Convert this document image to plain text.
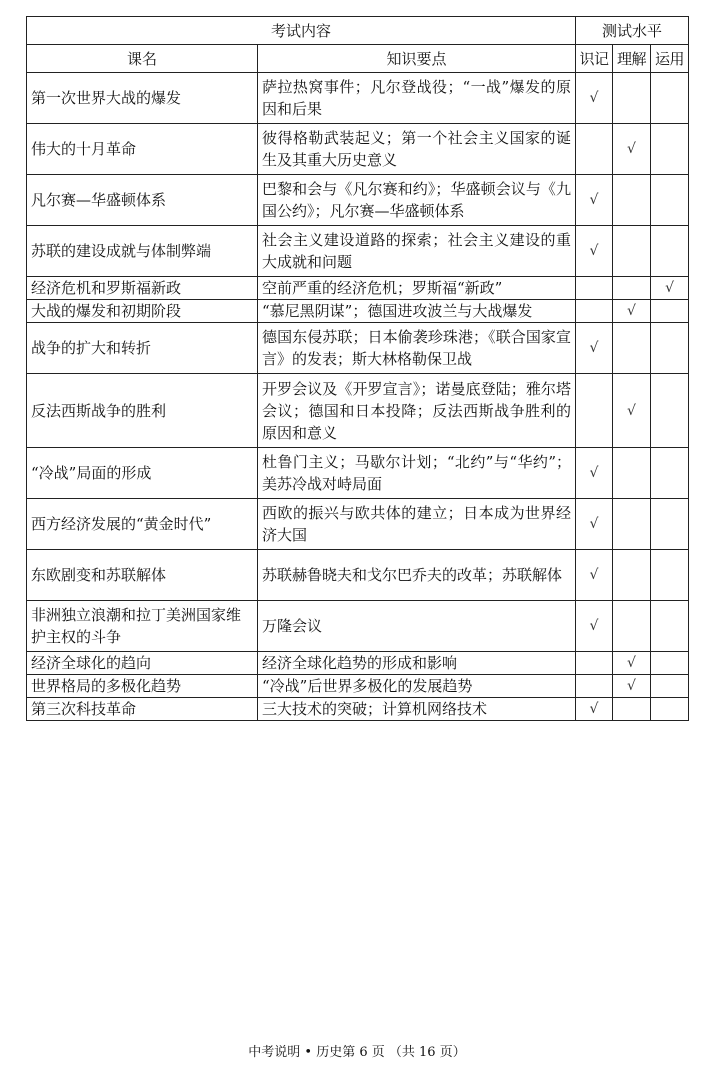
考试内容		测试水平		
课名	知识要点	识记	理解	运用
第一次世界大战的爆发	萨拉热窝事件；凡尔登战役；“一战”爆发的原因和后果	√		
伟大的十月革命	彼得格勒武装起义；第一个社会主义国家的诞生及其重大历史意义		√	
凡尔赛—华盛顿体系	巴黎和会与《凡尔赛和约》；华盛顿会议与《九国公约》；凡尔赛—华盛顿体系	√		
苏联的建设成就与体制弊端	社会主义建设道路的探索；社会主义建设的重大成就和问题	√		
经济危机和罗斯福新政	空前严重的经济危机；罗斯福“新政”			√
大战的爆发和初期阶段	“慕尼黑阴谋”；德国进攻波兰与大战爆发		√	
战争的扩大和转折	德国东侵苏联；日本偷袭珍珠港；《联合国家宣言》的发表；斯大林格勒保卫战	√		
反法西斯战争的胜利	开罗会议及《开罗宣言》；诺曼底登陆；雅尔塔会议；德国和日本投降；反法西斯战争胜利的原因和意义		√	
“冷战”局面的形成	杜鲁门主义；马歇尔计划；“北约”与“华约”；美苏冷战对峙局面	√		
西方经济发展的“黄金时代”	西欧的振兴与欧共体的建立；日本成为世界经济大国	√		
东欧剧变和苏联解体	苏联赫鲁晓夫和戈尔巴乔夫的改革；苏联解体	√		
非洲独立浪潮和拉丁美洲国家维护主权的斗争	万隆会议	√		
经济全球化的趋向	经济全球化趋势的形成和影响		√	
世界格局的多极化趋势	“冷战”后世界多极化的发展趋势		√	
第三次科技革命	三大技术的突破；计算机网络技术	√		
中考说明 • 历史第 6 页 （共 16 页）
